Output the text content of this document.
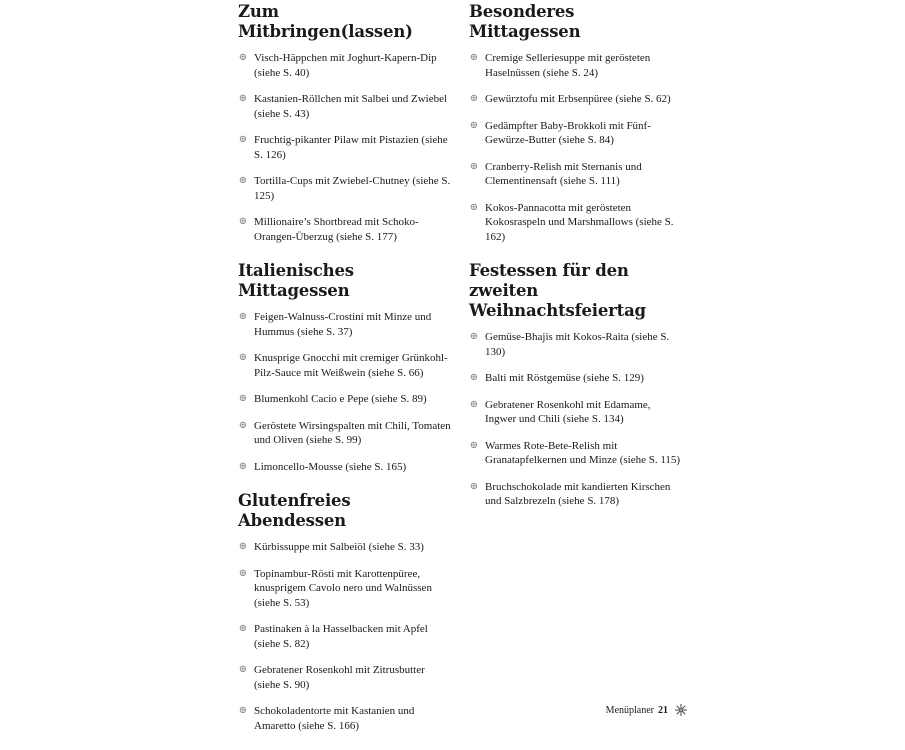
Zum Mitbringen(lassen)
⊕ Visch-Häppchen mit Joghurt-Kapern-Dip (siehe S. 40)
⊕ Kastanien-Röllchen mit Salbei und Zwiebel (siehe S. 43)
⊕ Fruchtig-pikanter Pilaw mit Pistazien (siehe S. 126)
⊕ Tortilla-Cups mit Zwiebel-Chutney (siehe S. 125)
⊕ Millionaire’s Shortbread mit Schoko-Orangen-Überzug (siehe S. 177)
Italienisches Mittagessen
⊕ Feigen-Walnuss-Crostini mit Minze und Hummus (siehe S. 37)
⊕ Knusprige Gnocchi mit cremiger Grünkohl-Pilz-Sauce mit Weißwein (siehe S. 66)
⊕ Blumenkohl Cacio e Pepe (siehe S. 89)
⊕ Geröstete Wirsingspalten mit Chili, Tomaten und Oliven (siehe S. 99)
⊕ Limoncello-Mousse (siehe S. 165)
Glutenfreies Abendessen
⊕ Kürbissuppe mit Salbeiöl (siehe S. 33)
⊕ Topinambur-Rösti mit Karottenpüree, knusprigem Cavolo nero und Walnüssen (siehe S. 53)
⊕ Pastinaken à la Hasselbacken mit Apfel (siehe S. 82)
⊕ Gebratener Rosenkohl mit Zitrusbutter (siehe S. 90)
⊕ Schokoladentorte mit Kastanien und Amaretto (siehe S. 166)
Besonderes Mittagessen
⊕ Cremige Selleriesuppe mit gerösteten Haselnüssen (siehe S. 24)
⊕ Gewürztofu mit Erbsenpüree (siehe S. 62)
⊕ Gedämpfter Baby-Brokkoli mit Fünf-Gewürze-Butter (siehe S. 84)
⊕ Cranberry-Relish mit Sternanis und Clementinensaft (siehe S. 111)
⊕ Kokos-Pannacotta mit gerösteten Kokosraspeln und Marshmallows (siehe S. 162)
Festessen für den zweiten Weihnachtsfeiertag
⊕ Gemüse-Bhajis mit Kokos-Raita (siehe S. 130)
⊕ Balti mit Röstgemüse (siehe S. 129)
⊕ Gebratener Rosenkohl mit Edamame, Ingwer und Chili (siehe S. 134)
⊕ Warmes Rote-Bete-Relish mit Granatapfelkernen und Minze (siehe S. 115)
⊕ Bruchschokolade mit kandierten Kirschen und Salzbrezeln (siehe S. 178)
Menüplaner 21
